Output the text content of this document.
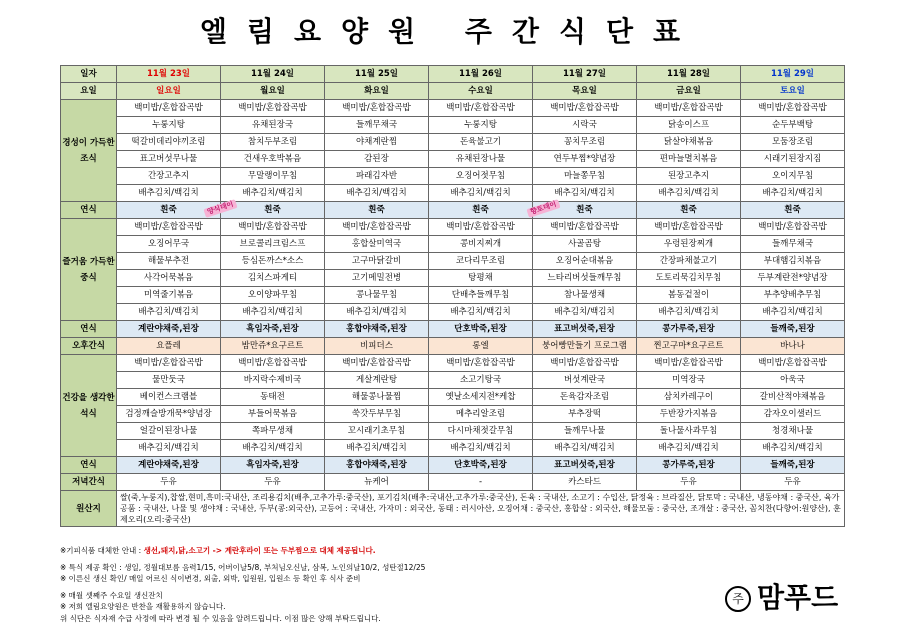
엘림요양원 주간식단표
일자	11월 23일	11월 24일	11월 25일	11월 26일	11월 27일	11월 28일	11월 29일
요일	일요일	월요일	화요일	수요일	목요일	금요일	토요일
경성이 가득한 조식	백미밥/혼합잡곡밥	백미밥/혼합잡곡밥	백미밥/혼합잡곡밥	백미밥/혼합잡곡밥	백미밥/혼합잡곡밥	백미밥/혼합잡곡밥	백미밥/혼합잡곡밥
	누룽지탕	유채된장국	들깨무채국	누룽지탕	시락국	닭송이스프	순두부백탕
	떡갈비데리야끼조림	참치두부조림	야채계란찜	돈육불고기	꽁치무조림	닭살야채볶음	모둠장조림
	표고버섯무나물	건새우호박볶음	감된장	유채된장나물	연두부찜*양념장	편마늘멸치볶음	시래기된장지짐
	간장고추지	무말랭이무침	파래김자반	오징어젓무침	마늘쫑무침	된장고추지	오이지무침
	배추김치/백김치	배추김치/백김치	배추김치/백김치	배추김치/백김치	배추김치/백김치	배추김치/백김치	배추김치/백김치
연식	흰죽	흰죽	흰죽	흰죽	흰죽	흰죽	흰죽
즐거움 가득한 중식	백미밥/혼합잡곡밥	백미밥/혼합잡곡밥	백미밥/혼합잡곡밥	백미밥/혼합잡곡밥	백미밥/혼합잡곡밥	백미밥/혼합잡곡밥	백미밥/혼합잡곡밥
	오징어무국	브로콜리크림스프	홍합살미역국	콩비지찌개	사골곰탕	우렁된장찌개	들깨무채국
	해물부추전	등심돈까스*소스	고구마닭갈비	코다리무조림	오징어순대볶음	간장파채불고기	부대햄김치볶음
	사각어묵볶음	김치스파게티	고기메밀전병	탕평채	느타리버섯들깨무침	도토리묵김치무침	두부계란전*양념장
	미역줄기볶음	오이양파무침	콩나물무침	단배추들깨무침	참나물생채	봄동겉절이	부추양배추무침
	배추김치/백김치	배추김치/백김치	배추김치/백김치	배추김치/백김치	배추김치/백김치	배추김치/백김치	배추김치/백김치
연식	계란야채죽,된장	흑임자죽,된장	홍합야채죽,된장	단호박죽,된장	표고버섯죽,된장	콩가루죽,된장	들깨죽,된장
오후간식	요플레	밤만쥬*요구르트	비피더스	롱엘	붕어빵만들기 프로그램	찐고구마*요구르트	바나나
건강을 생각한 석식	백미밥/혼합잡곡밥	백미밥/혼합잡곡밥	백미밥/혼합잡곡밥	백미밥/혼합잡곡밥	백미밥/혼합잡곡밥	백미밥/혼합잡곡밥	백미밥/혼합잡곡밥
	물만둣국	바지락수제비국	게살계란탕	소고기탕국	버섯계란국	미역장국	아욱국
	베이컨스크램블	동태전	해물콩나물찜	옛날소세지전*케찹	돈육감자조림	삼치카레구이	갈비산적야채볶음
	검정깨슬방개묵*양념장	부들어묵볶음	쑥갓두부무침	메추리알조림	부추장떡	두반장가지볶음	감자오이샐러드
	얼갈이된장나물	쪽파무생채	꼬시래기초무침	다시마채젓갈무침	들깨무나물	돌나물사과무침	청경채나물
	배추김치/백김치	배추김치/백김치	배추김치/백김치	배추김치/백김치	배추김치/백김치	배추김치/백김치	배추김치/백김치
연식	계란야채죽,된장	흑임자죽,된장	홍합야채죽,된장	단호박죽,된장	표고버섯죽,된장	콩가루죽,된장	들깨죽,된장
저녁간식	두유	두유	뉴케어	-	카스타드	두유	두유
원산지	쌀(죽,누룽지),찹쌀,현미,흑미:국내산, 조리용김치(배추,고추가루:중국산), 포기김치(배추:국내산,고추가루:중국산), 돈육 : 국내산, 소고기 : 수입산, 닭정육 : 브라질산, 닭토막 : 국내산, 냉동야채 : 중국산, 육가공품 : 국내산, 나물 및 생야채 : 국내산, 두부(콩:외국산), 고등어 : 국내산, 가자미 : 외국산, 동태 : 러시아산, 오징어채 : 중국산, 홍합살 : 외국산, 해물모둠 : 중국산, 조개살 : 중국산, 꼼치찬(다향어:원양산), 훈제오리(오리:중국산)						
양식데이	향토데이
※기피식품 대체한 안내 : 생선,돼지,닭,소고기 -> 계란후라이 또는 두부찜으로 대체 제공됩니다.
※ 특식 제공 확인 : 생일, 정월대보름 음력1/15, 어버이날5/8, 부처님오신날, 삼복, 노인의날10/2, 성탄절12/25
※ 이른신 생신 확인/ 매일 어르신 식이변경, 외출, 외박, 입원원, 입원소 등 확인 후 식사 준비
※ 매월 셋째주 수요일 생신잔치
※ 저희 엘림요양원은 반찬을 재활용하지 않습니다.
위 식단은 식자재 수급 사정에 따라 변경 될 수 있음을 알려드립니다. 이점 많은 양해 부탁드립니다.
주 맘푸드
